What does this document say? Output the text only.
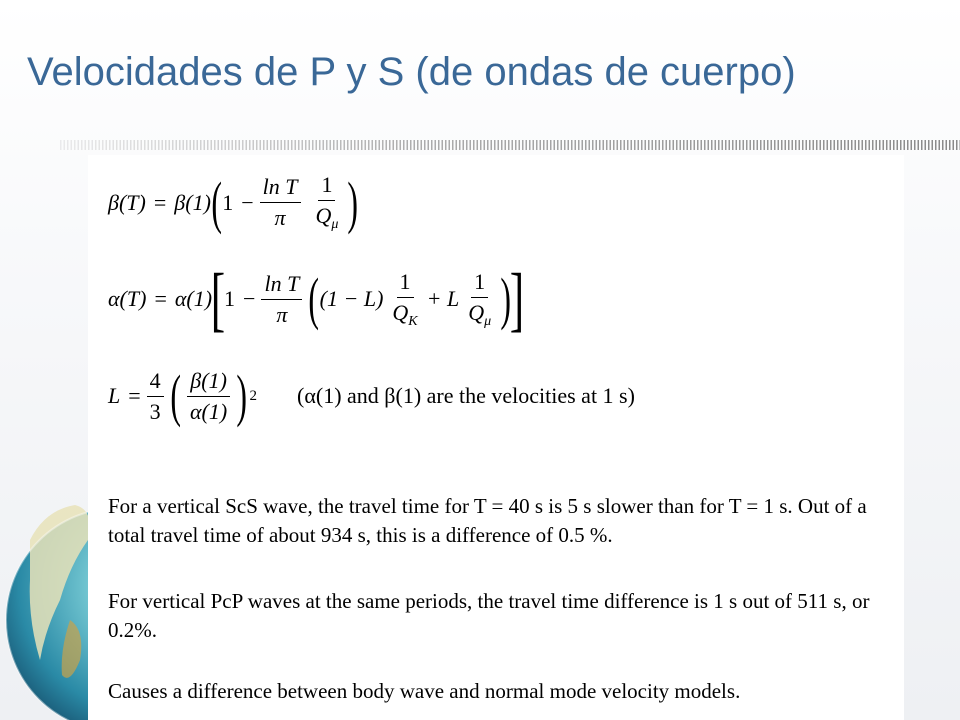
Velocidades de P y S (de ondas de cuerpo)
β(T) = β(1) ( $1 - \frac{\text{ln T}}{\pi} \frac{1}{Q_\mu}$ )
α(T) = α(1)
[
$1 - \frac{\text{ln T}}{\pi}$ ( $(1 - L) \frac{1}{Q_K} + L \frac{1}{Q_\mu}$ ) ]
$L = \frac{4}{3}$ ( $\frac{\beta(1)}{\alpha(1)}$ ) 2 (α(1) and β(1) are the velocities at 1 s)

For a vertical ScS wave, the travel time for T = 40 s is 5 s slower than for T = 1 s. Out of a total travel time of about 934 s, this is a difference of 0.5 %.

For vertical PcP waves at the same periods, the travel time difference is 1 s out of 511 s, or 0.2%.

Causes a difference between body wave and normal mode velocity models.
